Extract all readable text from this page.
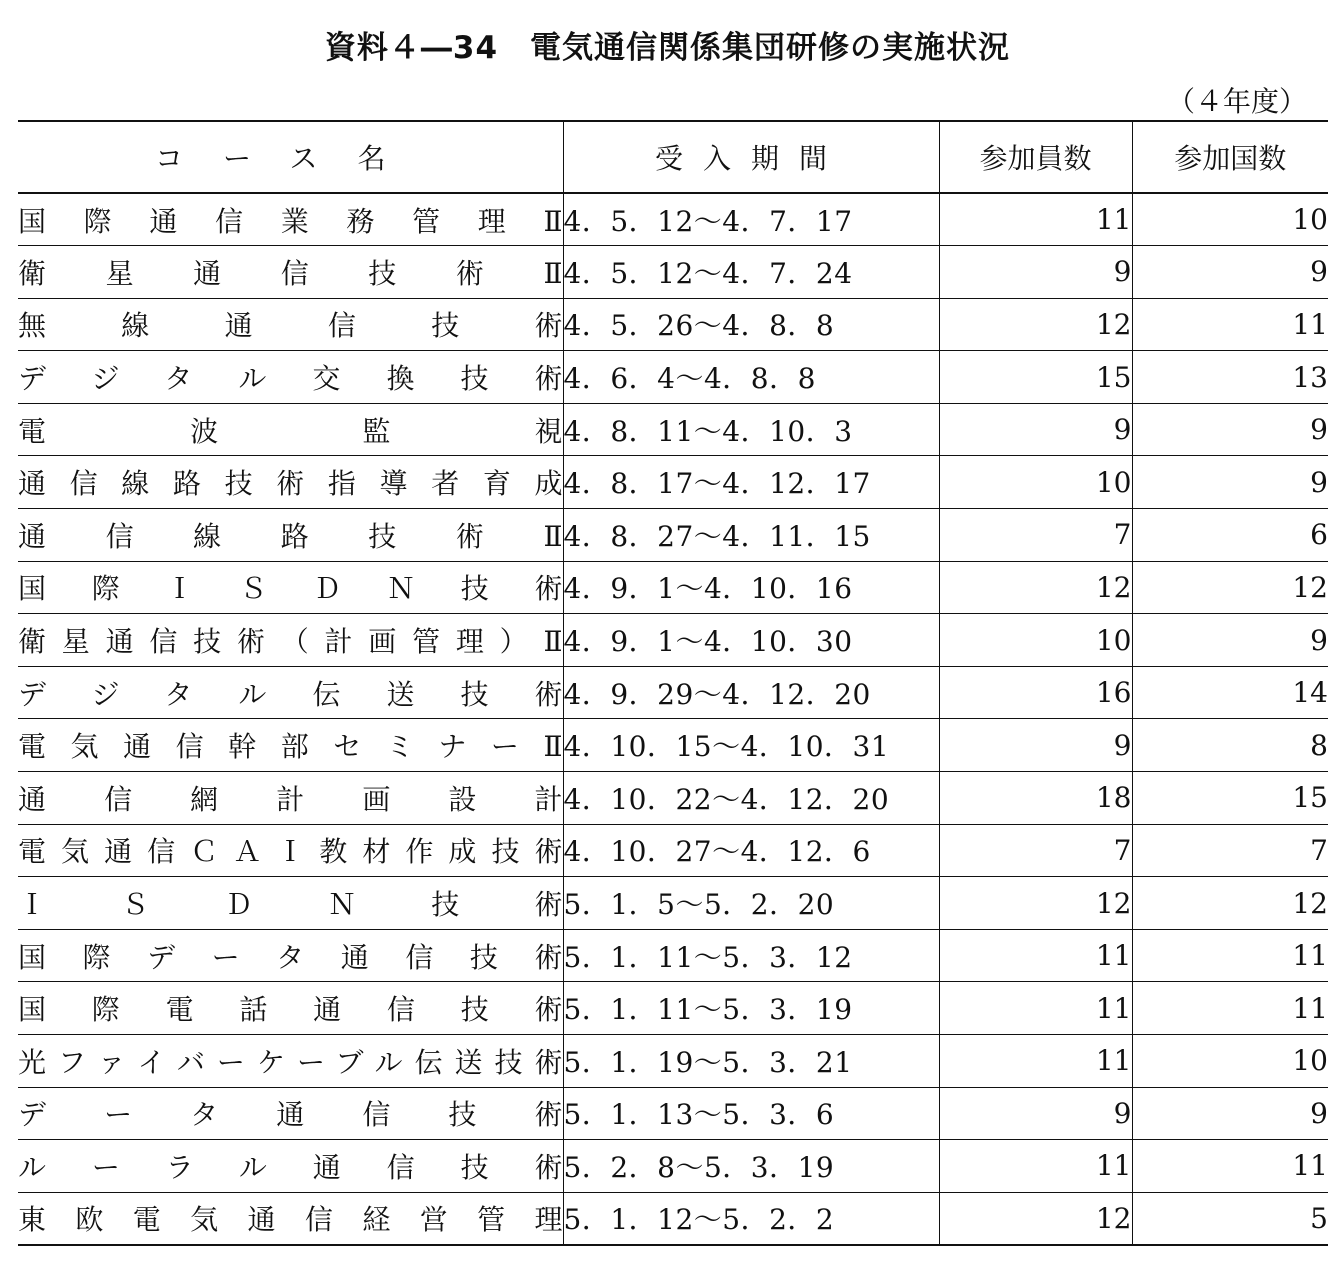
資料４―34　電気通信関係集団研修の実施状況
（４年度）
コース名	受入期間	参加員数	参加国数
国際通信業務管理Ⅱ	4．5．12～4．7．17	11	10
衛星通信技術Ⅱ	4．5．12～4．7．24	9	9
無線通信技術	4．5．26～4．8．8	12	11
デジタル交換技術	4．6．4～4．8．8	15	13
電波監視	4．8．11～4．10．3	9	9
通信線路技術指導者育成	4．8．17～4．12．17	10	9
通信線路技術Ⅱ	4．8．27～4．11．15	7	6
国際ＩＳＤＮ技術	4．9．1～4．10．16	12	12
衛星通信技術（計画管理）Ⅱ	4．9．1～4．10．30	10	9
デジタル伝送技術	4．9．29～4．12．20	16	14
電気通信幹部セミナーⅡ	4．10．15～4．10．31	9	8
通信網計画設計	4．10．22～4．12．20	18	15
電気通信ＣＡＩ教材作成技術	4．10．27～4．12．6	7	7
ＩＳＤＮ技術	5．1．5～5．2．20	12	12
国際データ通信技術	5．1．11～5．3．12	11	11
国際電話通信技術	5．1．11～5．3．19	11	11
光ファイバーケーブル伝送技術	5．1．19～5．3．21	11	10
データ通信技術	5．1．13～5．3．6	9	9
ルーラル通信技術	5．2．8～5．3．19	11	11
東欧電気通信経営管理	5．1．12～5．2．2	12	5
